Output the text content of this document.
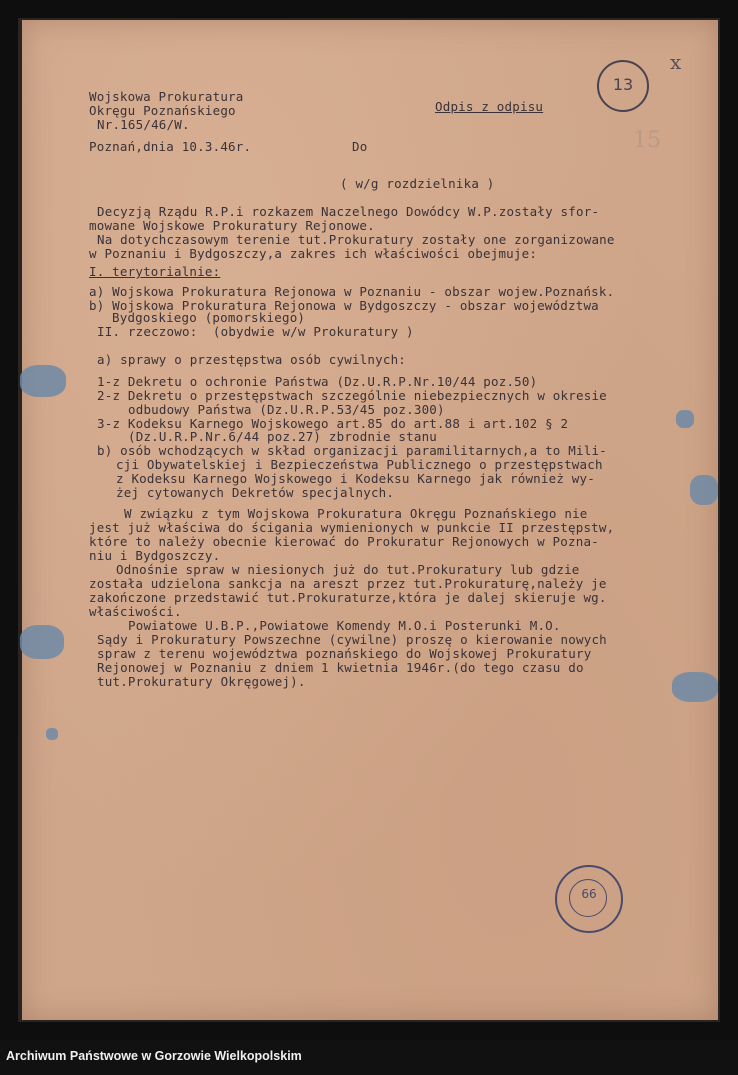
Wojskowa Prokuratura
Okręgu Poznańskiego
Nr.165/46/W.
Odpis z odpisu
Poznań,dnia 10.3.46r.	Do
( w/g rozdzielnika )
13
x
15
66
Decyzją Rządu R.P.i rozkazem Naczelnego Dowódcy W.P.zostały sfor-
mowane Wojskowe Prokuratury Rejonowe.
Na dotychczasowym terenie tut.Prokuratury zostały one zorganizowane
w Poznaniu i Bydgoszczy,a zakres ich właściwości obejmuje:
I. terytorialnie:
a) Wojskowa Prokuratura Rejonowa w Poznaniu - obszar wojew.Poznańsk.
b) Wojskowa Prokuratura Rejonowa w Bydgoszczy - obszar województwa
Bydgoskiego (pomorskiego)
II. rzeczowo:  (obydwie w/w Prokuratury )
a) sprawy o przestępstwa osób cywilnych:
1-z Dekretu o ochronie Państwa (Dz.U.R.P.Nr.10/44 poz.50)
2-z Dekretu o przestępstwach szczególnie niebezpiecznych w okresie
odbudowy Państwa (Dz.U.R.P.53/45 poz.300)
3-z Kodeksu Karnego Wojskowego art.85 do art.88 i art.102 § 2
(Dz.U.R.P.Nr.6/44 poz.27) zbrodnie stanu
b) osób wchodzących w skład organizacji paramilitarnych,a to Mili-
cji Obywatelskiej i Bezpieczeństwa Publicznego o przestępstwach
z Kodeksu Karnego Wojskowego i Kodeksu Karnego jak również wy-
żej cytowanych Dekretów specjalnych.
W związku z tym Wojskowa Prokuratura Okręgu Poznańskiego nie
jest już właściwa do ścigania wymienionych w punkcie II przestępstw,
które to należy obecnie kierować do Prokuratur Rejonowych w Pozna-
niu i Bydgoszczy.
Odnośnie spraw w niesionych już do tut.Prokuratury lub gdzie
została udzielona sankcja na areszt przez tut.Prokuraturę,należy je
zakończone przedstawić tut.Prokuraturze,która je dalej skieruje wg.
właściwości.
Powiatowe U.B.P.,Powiatowe Komendy M.O.i Posterunki M.O.
Sądy i Prokuratury Powszechne (cywilne) proszę o kierowanie nowych
spraw z terenu województwa poznańskiego do Wojskowej Prokuratury
Rejonowej w Poznaniu z dniem 1 kwietnia 1946r.(do tego czasu do
tut.Prokuratury Okręgowej).
Archiwum Państwowe w Gorzowie Wielkopolskim
